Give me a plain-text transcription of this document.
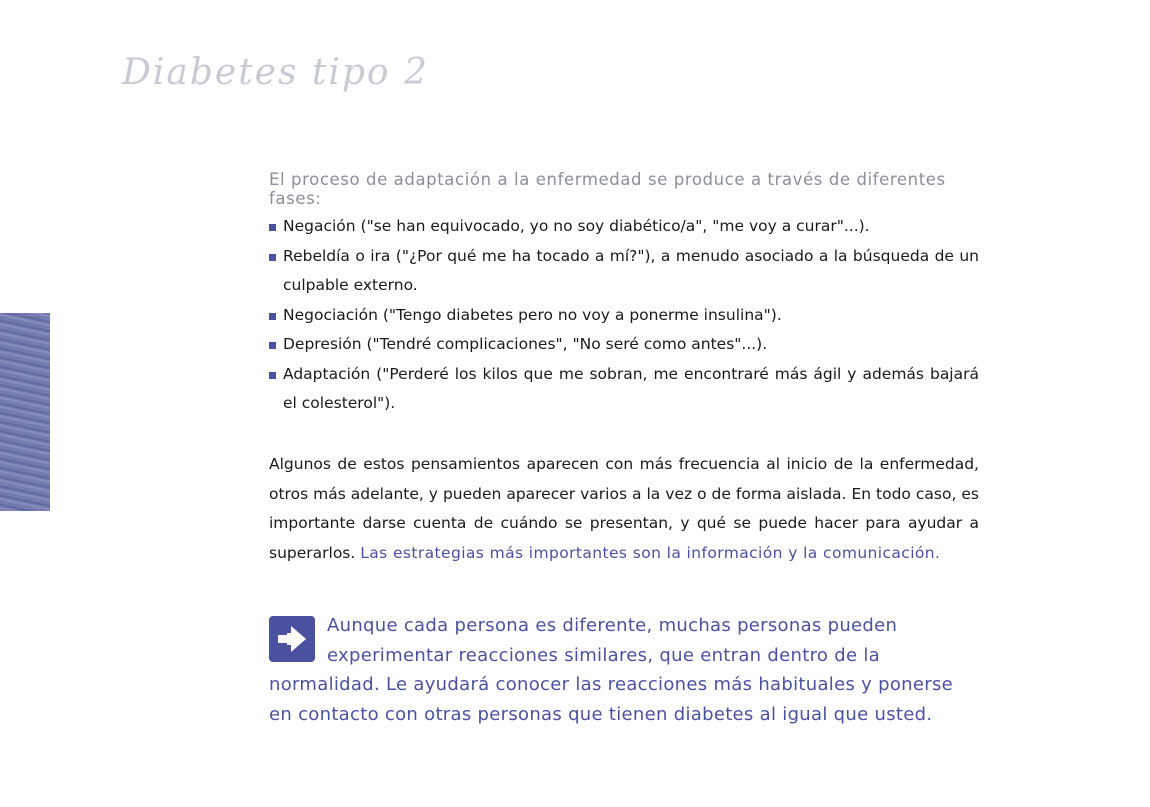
Diabetes tipo 2
152
El proceso de adaptación a la enfermedad se produce a través de diferentes fases:
Negación ("se han equivocado, yo no soy diabético/a", "me voy a curar"...).
Rebeldía o ira ("¿Por qué me ha tocado a mí?"), a menudo asociado a la búsqueda de un culpable externo.
Negociación ("Tengo diabetes pero no voy a ponerme insulina").
Depresión ("Tendré complicaciones", "No seré como antes"...).
Adaptación ("Perderé los kilos que me sobran, me encontraré más ágil y además bajará el colesterol").

Algunos de estos pensamientos aparecen con más frecuencia al inicio de la enfermedad, otros más adelante, y pueden aparecer varios a la vez o de forma aislada. En todo caso, es importante darse cuenta de cuándo se presentan, y qué se puede hacer para ayudar a superarlos. Las estrategias más importantes son la información y la comunicación.

Aunque cada persona es diferente, muchas personas pueden experimentar reacciones similares, que entran dentro de la normalidad. Le ayudará conocer las reacciones más habituales y ponerse en contacto con otras personas que tienen diabetes al igual que usted.
